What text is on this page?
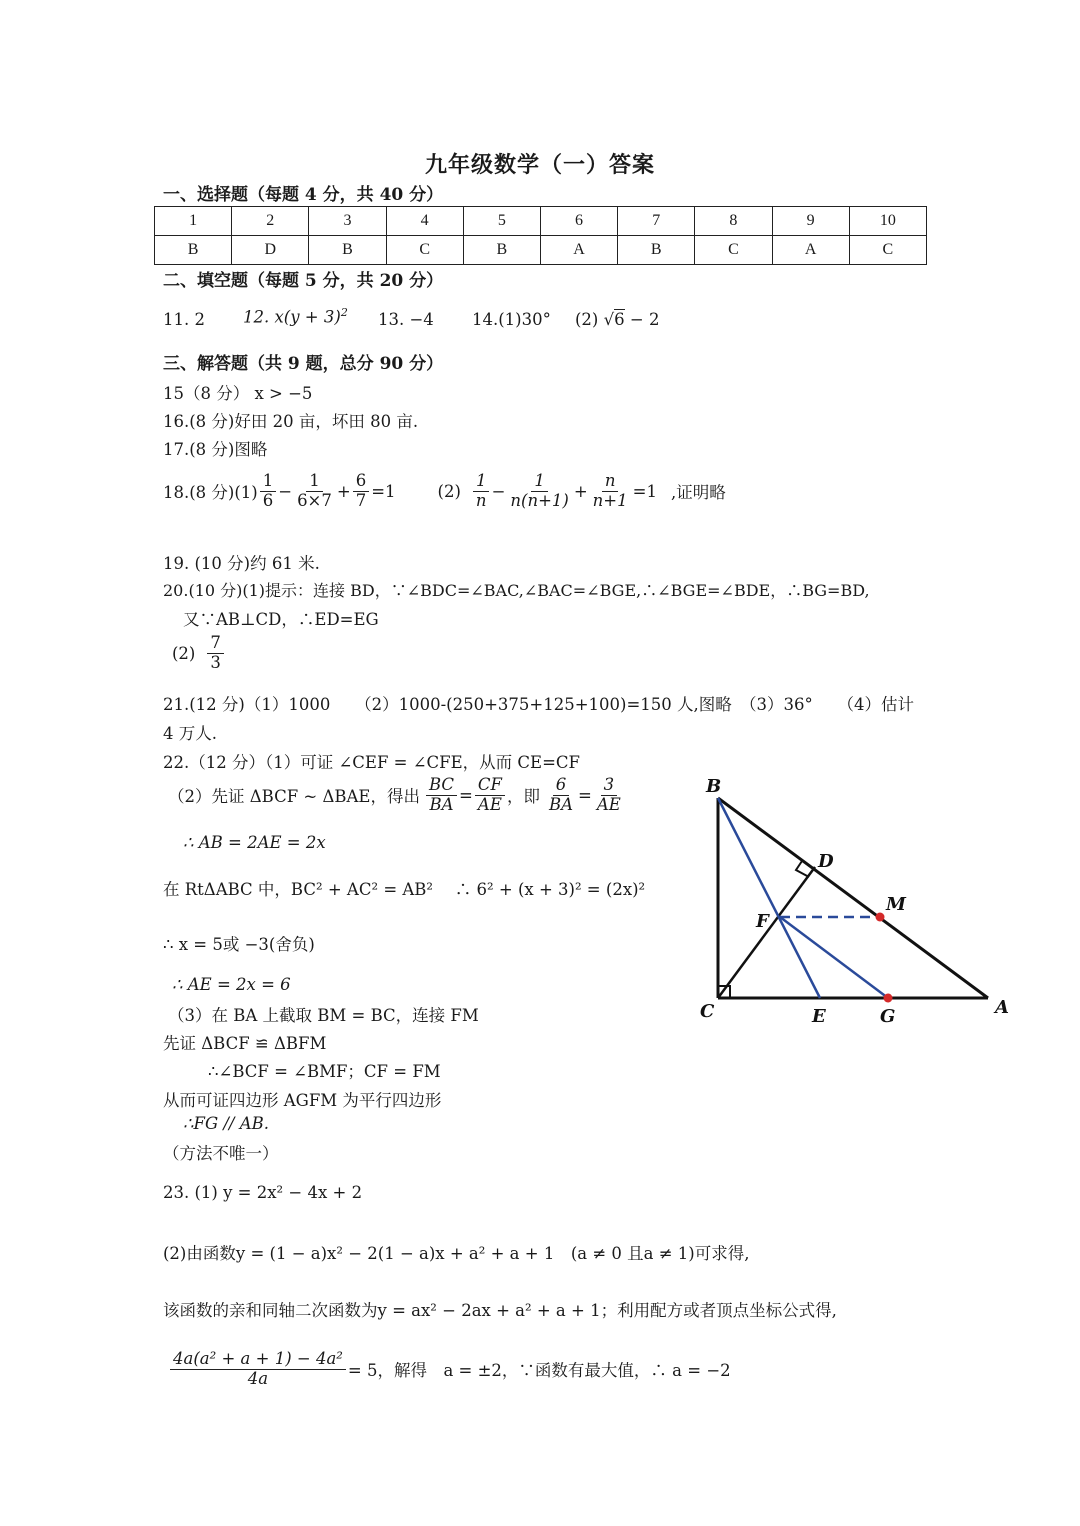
九年级数学（一）答案
一、选择题（每题 4 分，共 40 分）
1	2	3	4	5	6	7	8	9	10
B	D	B	C	B	A	B	C	A	C
二、填空题（每题 5 分，共 20 分）
11. 2 12. $x(y + 3)^2$ 13. −4 14.(1)30° (2) √6 − 2
三、解答题（共 9 题，总分 90 分）
15（8 分） x > −5
16.(8 分)好田 20 亩，坏田 80 亩.
17.(8 分)图略
18.(8 分)$(1) \frac{1}{6} - \frac{1}{6\times 7} + \frac{6}{7} =1$	$(2) \frac{1}{n} - \frac{1}{n(n+1)} + \frac{n}{n+1} =1$ ,证明略
19. (10 分)约 61 米.
20.(10 分)(1)提示：连接 BD，∵∠BDC=∠BAC,∠BAC=∠BGE,∴∠BGE=∠BDE，∴BG=BD,
又∵AB⊥CD，∴ED=EG
$(2) \frac{7}{3}$
21.(12 分)（1）1000　　（2）1000-(250+375+125+100)=150 人,图略　（3）36°　　（4）估计
4 万人.
22.（12 分）（1）可证 ∠CEF = ∠CFE，从而 CE=CF
（2）先证 ΔBCF ~ ΔBAE，得出 $\frac{BC}{BA} = \frac{CF}{AE}$ ，即 $\frac{6}{BA} = \frac{3}{AE}$
∴ AB = 2AE = 2x
在 RtΔABC 中，BC² + AC² = AB²　 ∴ 6² + (x + 3)² = (2x)²
∴ x = 5或 −3(舍负)
∴ AE = 2x = 6
（3）在 BA 上截取 BM = BC，连接 FM
先证 ΔBCF ≌ ΔBFM
∴∠BCF = ∠BMF；CF = FM
从而可证四边形 AGFM 为平行四边形
∴FG // AB.
（方法不唯一）
23. (1) y = 2x² − 4x + 2
(2)由函数y = (1 − a)x² − 2(1 − a)x + a² + a + 1　(a ≠ 0 且a ≠ 1)可求得,
该函数的亲和同轴二次函数为y = ax² − 2ax + a² + a + 1；利用配方或者顶点坐标公式得,
$\frac{\text{4a(a² + a + 1) − 4a²}}{4a} = 5$，解得　a = ±2，∵函数有最大值，∴ a = −2
B
C	A
D
M
F
E	G
